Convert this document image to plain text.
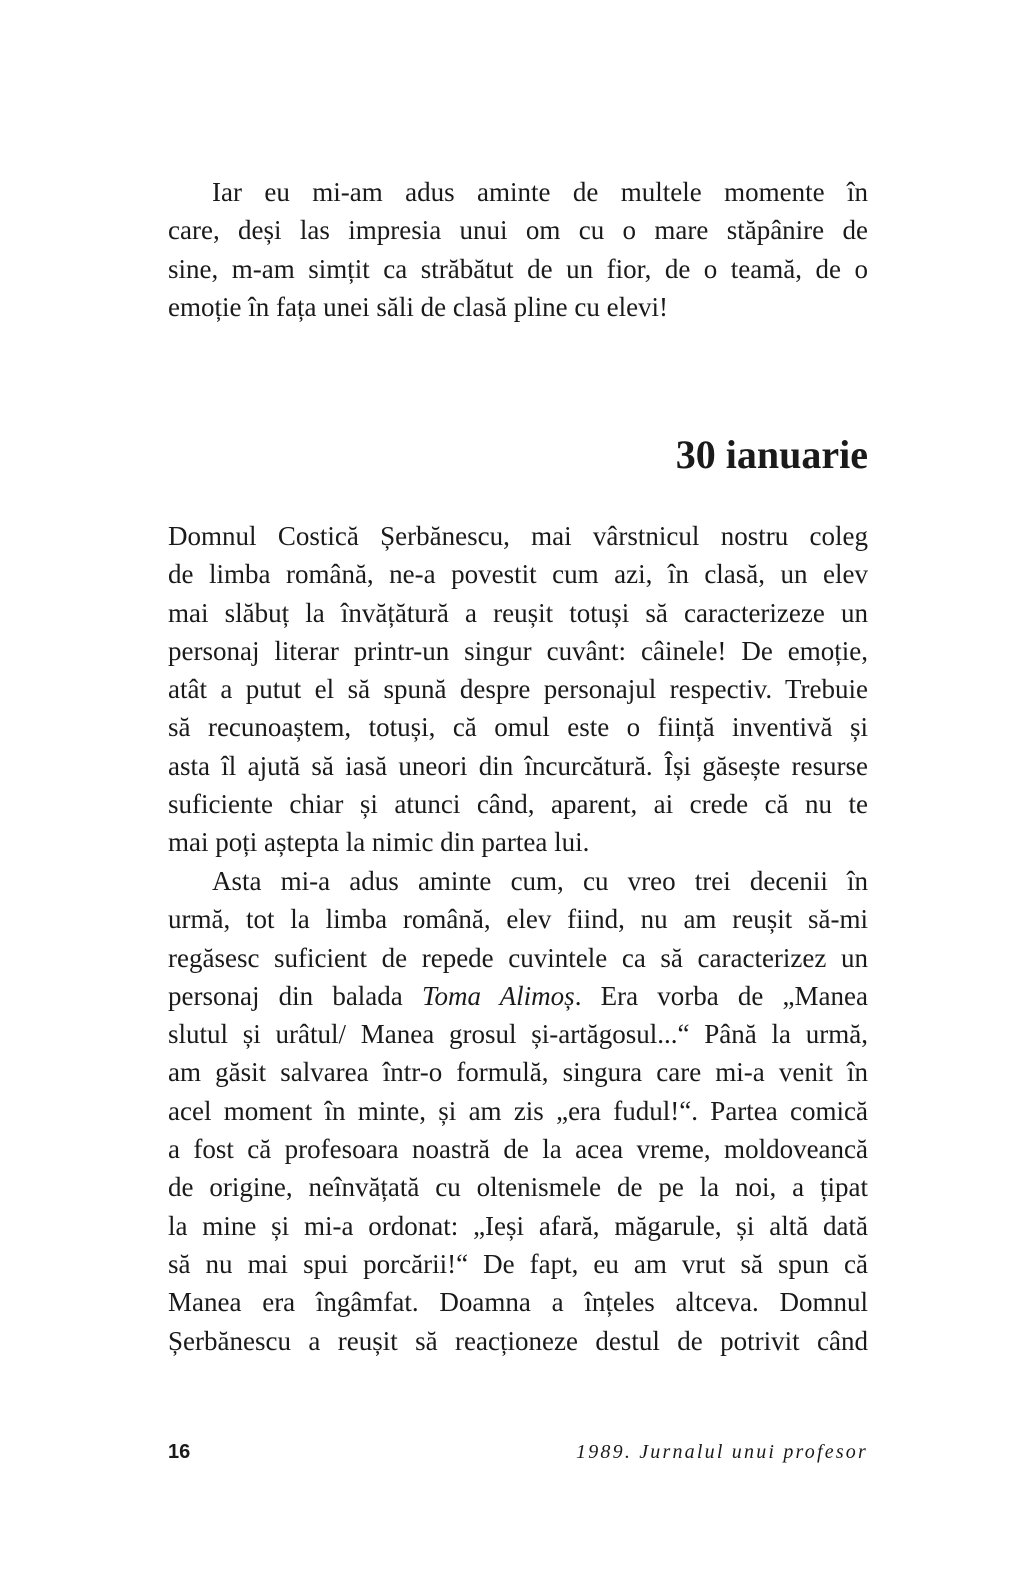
Iar eu mi-am adus aminte de multele momente în
care, deși las impresia unui om cu o mare stăpânire de
sine, m-am simțit ca străbătut de un fior, de o teamă, de o
emoție în fața unei săli de clasă pline cu elevi!

30 ianuarie

Domnul Costică Șerbănescu, mai vârstnicul nostru coleg
de limba română, ne-a povestit cum azi, în clasă, un elev
mai slăbuț la învățătură a reușit totuși să caracterizeze un
personaj literar printr-un singur cuvânt: câinele! De emoție,
atât a putut el să spună despre personajul respectiv. Trebuie
să recunoaștem, totuși, că omul este o ființă inventivă și
asta îl ajută să iasă uneori din încurcătură. Își găsește resurse
suficiente chiar și atunci când, aparent, ai crede că nu te
mai poți aștepta la nimic din partea lui.

Asta mi-a adus aminte cum, cu vreo trei decenii în
urmă, tot la limba română, elev fiind, nu am reușit să-mi
regăsesc suficient de repede cuvintele ca să caracterizez un
personaj din balada Toma Alimoș. Era vorba de „Manea
slutul și urâtul/ Manea grosul și-artăgosul...“ Până la urmă,
am găsit salvarea într-o formulă, singura care mi-a venit în
acel moment în minte, și am zis „era fudul!“. Partea comică
a fost că profesoara noastră de la acea vreme, moldoveancă
de origine, neînvățată cu oltenismele de pe la noi, a țipat
la mine și mi-a ordonat: „Ieși afară, măgarule, și altă dată
să nu mai spui porcării!“ De fapt, eu am vrut să spun că
Manea era îngâmfat. Doamna a înțeles altceva. Domnul
Șerbănescu a reușit să reacționeze destul de potrivit când

16	1989. Jurnalul unui profesor
